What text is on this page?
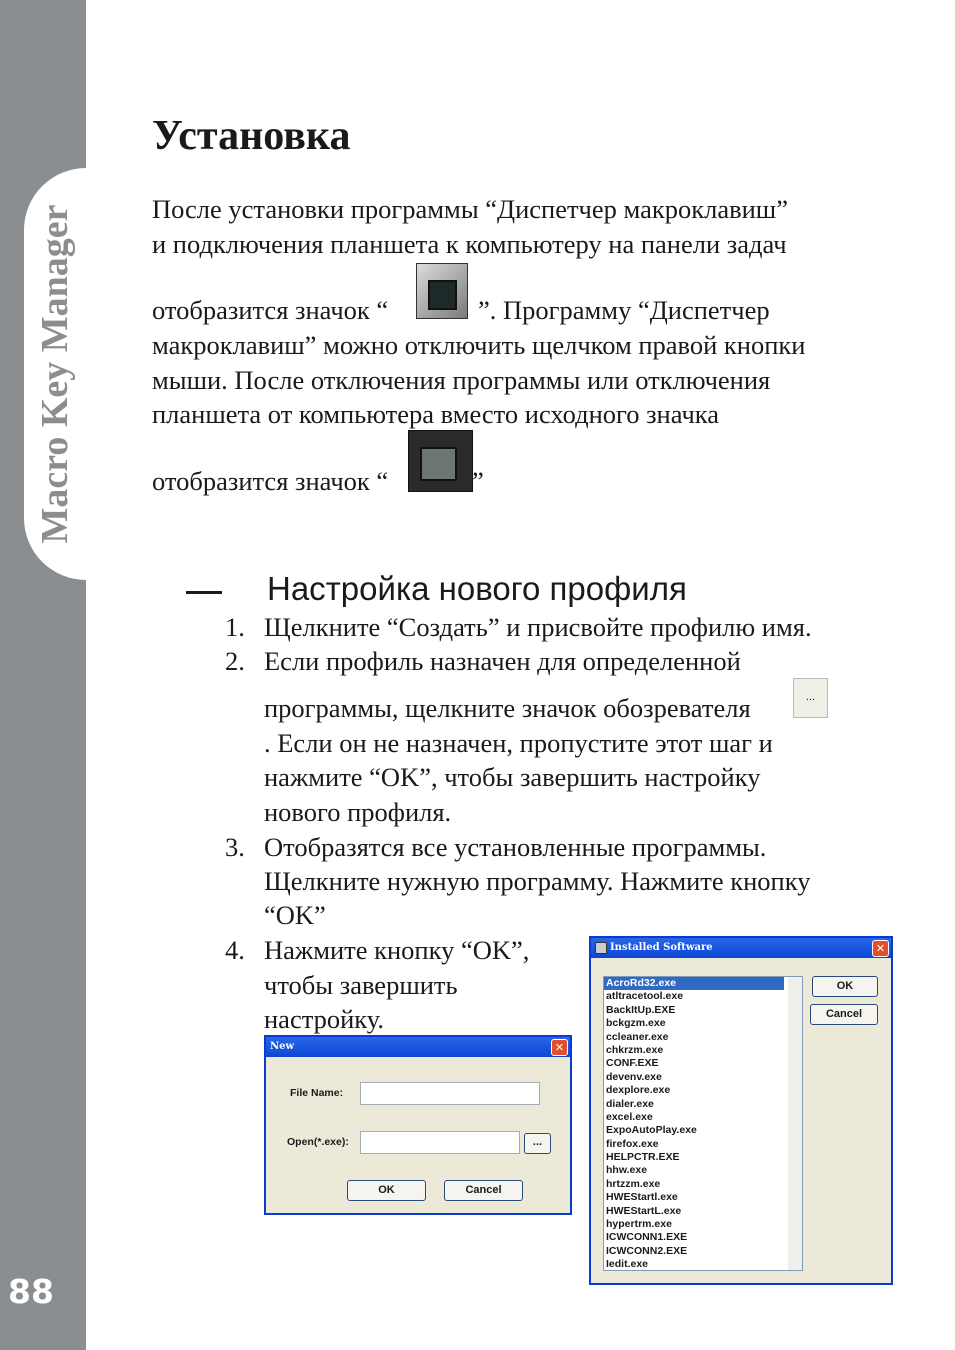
Macro Key Manager
88
Установка
После установки программы “Диспетчер макроклавиш”
и подключения планшета к компьютеру на панели задач
отобразится значок “	”. Программу “Диспетчер
макроклавиш” можно отключить щелчком правой кнопки
мыши. После отключения программы или отключения
планшета от компьютера вместо исходного значка
отобразится значок “	”
Настройка нового профиля
1. Щелкните “Создать” и присвойте профилю имя.
2. Если профиль назначен для определенной
программы, щелкните значок обозревателя	...
. Если он не назначен, пропустите этот шаг и
нажмите “OK”, чтобы завершить настройку
нового профиля.
3. Отобразятся все установленные программы.
Щелкните нужную программу. Нажмите кнопку
“OK”
4. Нажмите кнопку “OK”,
чтобы завершить
настройку.
New	✕
File Name:
Open(*.exe):	...
OK	Cancel
Installed Software	✕
AcroRd32.exe
atltracetool.exe
BackItUp.EXE
bckgzm.exe
ccleaner.exe
chkrzm.exe
CONF.EXE
devenv.exe
dexplore.exe
dialer.exe
excel.exe
ExpoAutoPlay.exe
firefox.exe
HELPCTR.EXE
hhw.exe
hrtzzm.exe
HWEStartl.exe
HWEStartL.exe
hypertrm.exe
ICWCONN1.EXE
ICWCONN2.EXE
Iedit.exe
OK
Cancel
